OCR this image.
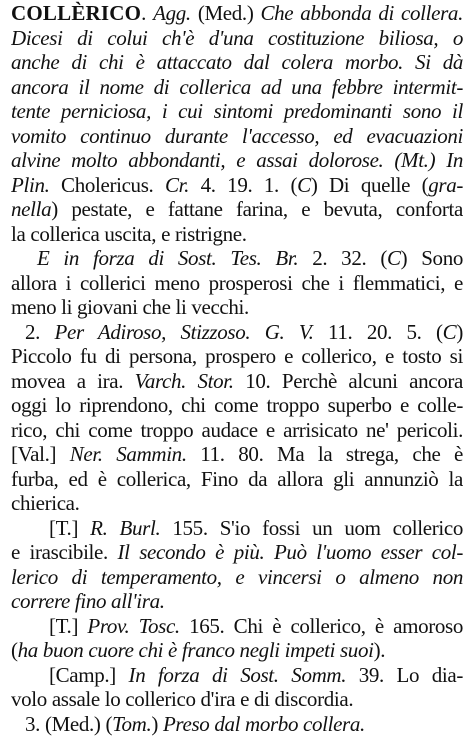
COLLÈRICO. Agg. (Med.) Che abbonda di collera.
Dicesi di colui ch'è d'una costituzione biliosa, o
anche di chi è attaccato dal colera morbo. Si dà
ancora il nome di collerica ad una febbre intermit-
tente perniciosa, i cui sintomi predominanti sono il
vomito continuo durante l'accesso, ed evacuazioni
alvine molto abbondanti, e assai dolorose. (Mt.) In
Plin. Cholericus. Cr. 4. 19. 1. (C) Di quelle (gra-
nella) pestate, e fattane farina, e bevuta, conforta
la collerica uscita, e ristrigne.
E in forza di Sost. Tes. Br. 2. 32. (C) Sono
allora i collerici meno prosperosi che i flemmatici, e
meno li giovani che li vecchi.
2. Per Adiroso, Stizzoso. G. V. 11. 20. 5. (C)
Piccolo fu di persona, prospero e collerico, e tosto si
movea a ira. Varch. Stor. 10. Perchè alcuni ancora
oggi lo riprendono, chi come troppo superbo e colle-
rico, chi come troppo audace e arrisicato ne' pericoli.
[Val.] Ner. Sammin. 11. 80. Ma la strega, che è
furba, ed è collerica, Fino da allora gli annunziò la
chierica.
[T.] R. Burl. 155. S'io fossi un uom collerico
e irascibile. Il secondo è più. Può l'uomo esser col-
lerico di temperamento, e vincersi o almeno non
correre fino all'ira.
[T.] Prov. Tosc. 165. Chi è collerico, è amoroso
(ha buon cuore chi è franco negli impeti suoi).
[Camp.] In forza di Sost. Somm. 39. Lo dia-
volo assale lo collerico d'ira e di discordia.
3. (Med.) (Tom.) Preso dal morbo collera.
